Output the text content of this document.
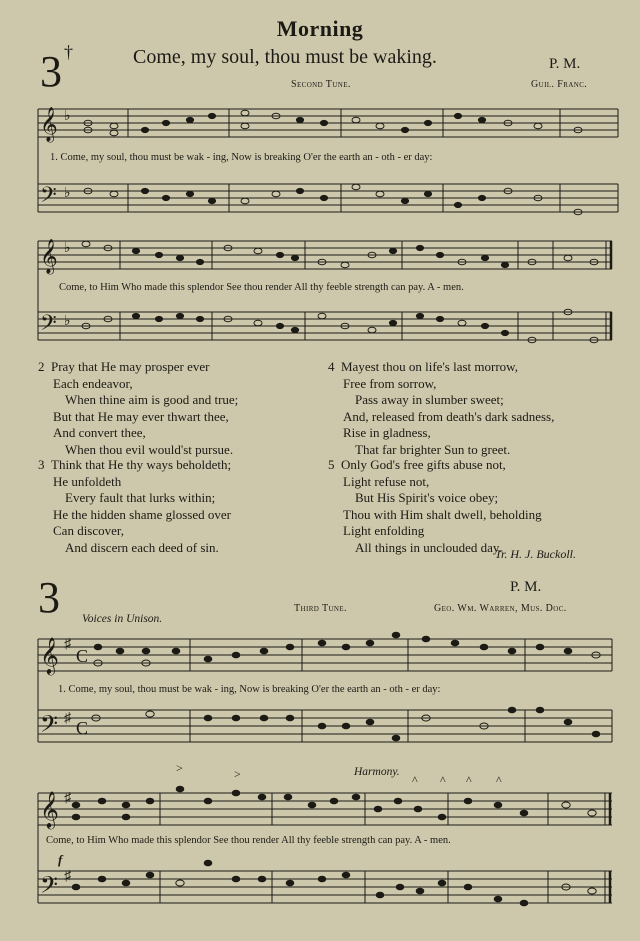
Morning
3 †	Come, my soul, thou must be waking.	P. M.
Second Tune.	Guil. Franc.
𝄞
𝄢
♭
♭
𝄞
𝄢
♭
♭
𝄞
𝄢
♯
♯
C
C
𝄞
𝄢
♯
♯
>	>	^ ^ ^ ^
1. Come, my soul, thou must be wak - ing, Now is breaking O'er the earth an - oth - er day:
Come, to Him Who made this splendor See thou render All thy feeble strength can pay. A - men.
2 Pray that He may prosper ever
Each endeavor,
When thine aim is good and true;
But that He may ever thwart thee,
And convert thee,
When thou evil would'st pursue.
3 Think that He thy ways beholdeth;
He unfoldeth
Every fault that lurks within;
He the hidden shame glossed over
Can discover,
And discern each deed of sin.
4 Mayest thou on life's last morrow,
Free from sorrow,
Pass away in slumber sweet;
And, released from death's dark sadness,
Rise in gladness,
That far brighter Sun to greet.
5 Only God's free gifts abuse not,
Light refuse not,
But His Spirit's voice obey;
Thou with Him shalt dwell, beholding
Light enfolding
All things in unclouded day.
Tr. H. J. Buckoll.
3	P. M.
Third Tune.	Geo. Wm. Warren, Mus. Doc.
Voices in Unison.
Harmony.
f
1. Come, my soul, thou must be wak - ing, Now is breaking O'er the earth an - oth - er day:
Come, to Him Who made this splendor See thou render All thy feeble strength can pay. A - men.
